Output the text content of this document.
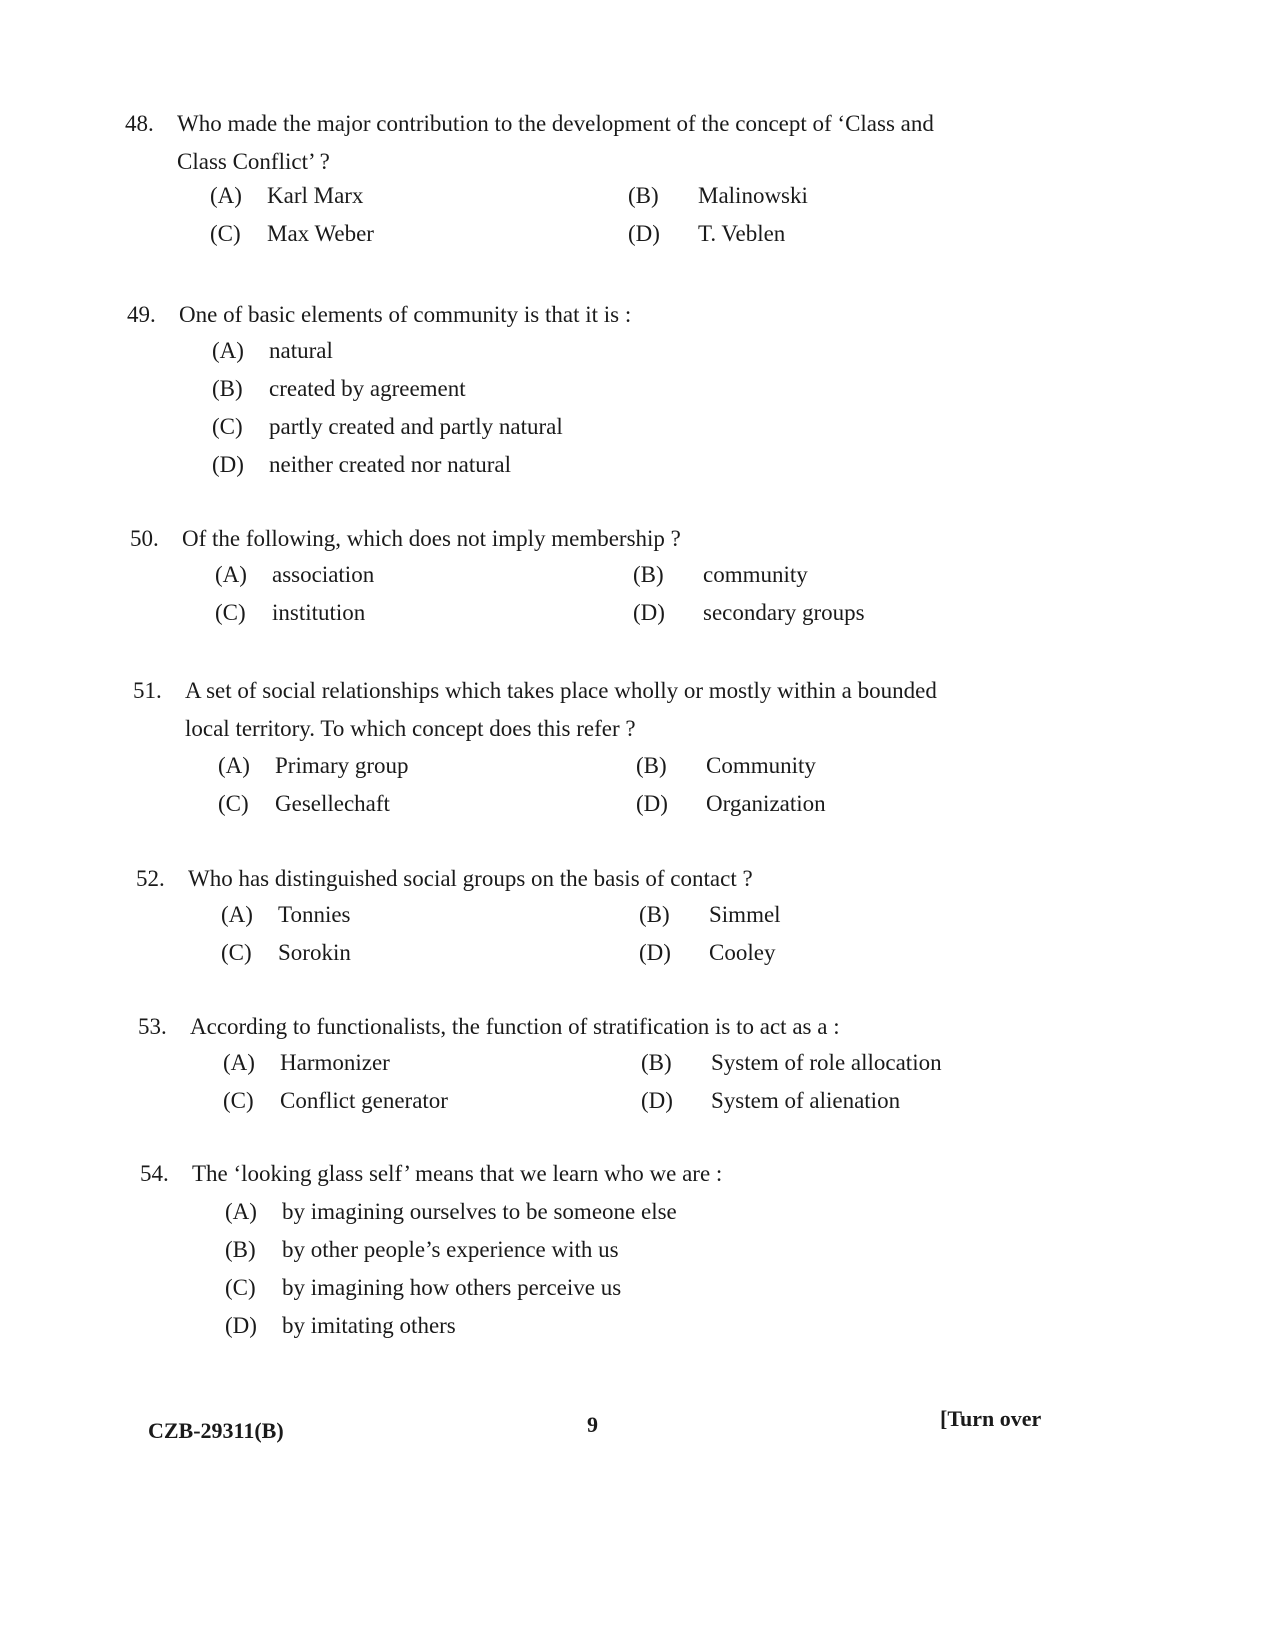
48.	Who made the major contribution to the development of the concept of ‘Class and Class Conflict’ ?
(A) Karl Marx	(B) Malinowski
(C) Max Weber	(D) T. Veblen
49.	One of basic elements of community is that it is :
(A) natural
(B) created by agreement
(C) partly created and partly natural
(D) neither created nor natural
50.	Of the following, which does not imply membership ?
(A) association	(B) community
(C) institution	(D) secondary groups
51.	A set of social relationships which takes place wholly or mostly within a bounded local territory. To which concept does this refer ?
(A) Primary group	(B) Community
(C) Gesellechaft	(D) Organization
52.	Who has distinguished social groups on the basis of contact ?
(A) Tonnies	(B) Simmel
(C) Sorokin	(D) Cooley
53.	According to functionalists, the function of stratification is to act as a :
(A) Harmonizer	(B) System of role allocation
(C) Conflict generator	(D) System of alienation
54.	The ‘looking glass self’ means that we learn who we are :
(A) by imagining ourselves to be someone else
(B) by other people’s experience with us
(C) by imagining how others perceive us
(D) by imitating others
CZB-29311(B)	9	[Turn over
